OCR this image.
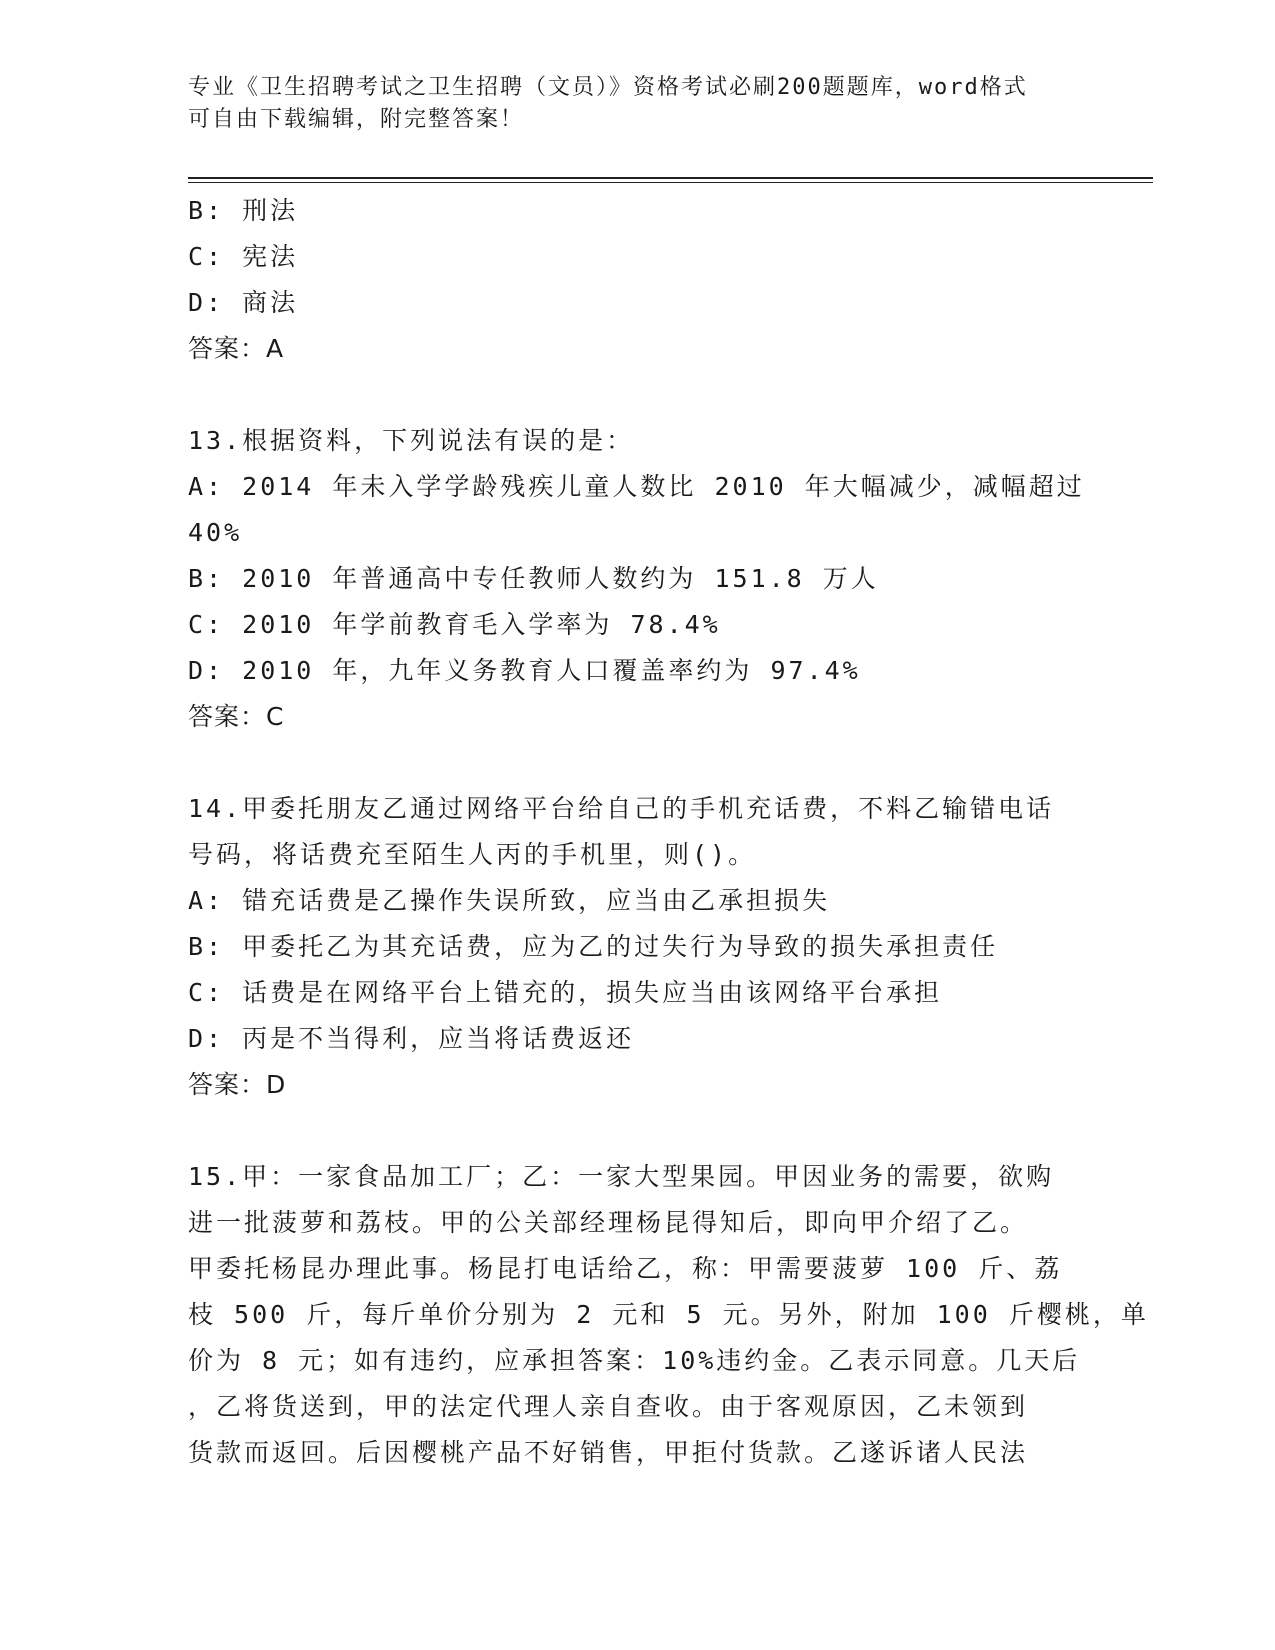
专业《卫生招聘考试之卫生招聘（文员）》资格考试必刷200题题库，word格式
可自由下载编辑，附完整答案！
B: 刑法
C: 宪法
D: 商法
答案：A
13.根据资料，下列说法有误的是：
A: 2014 年未入学学龄残疾儿童人数比 2010 年大幅减少，减幅超过
40%
B: 2010 年普通高中专任教师人数约为 151.8 万人
C: 2010 年学前教育毛入学率为 78.4%
D: 2010 年，九年义务教育人口覆盖率约为 97.4%
答案：C
14.甲委托朋友乙通过网络平台给自己的手机充话费，不料乙输错电话
号码，将话费充至陌生人丙的手机里，则()。
A: 错充话费是乙操作失误所致，应当由乙承担损失
B: 甲委托乙为其充话费，应为乙的过失行为导致的损失承担责任
C: 话费是在网络平台上错充的，损失应当由该网络平台承担
D: 丙是不当得利，应当将话费返还
答案：D
15.甲：一家食品加工厂；乙：一家大型果园。甲因业务的需要，欲购
进一批菠萝和荔枝。甲的公关部经理杨昆得知后，即向甲介绍了乙。
甲委托杨昆办理此事。杨昆打电话给乙，称：甲需要菠萝 100 斤、荔
枝 500 斤，每斤单价分别为 2 元和 5 元。另外，附加 100 斤樱桃，单
价为 8 元；如有违约，应承担答案：10%违约金。乙表示同意。几天后
，乙将货送到，甲的法定代理人亲自查收。由于客观原因，乙未领到
货款而返回。后因樱桃产品不好销售，甲拒付货款。乙遂诉诸人民法
